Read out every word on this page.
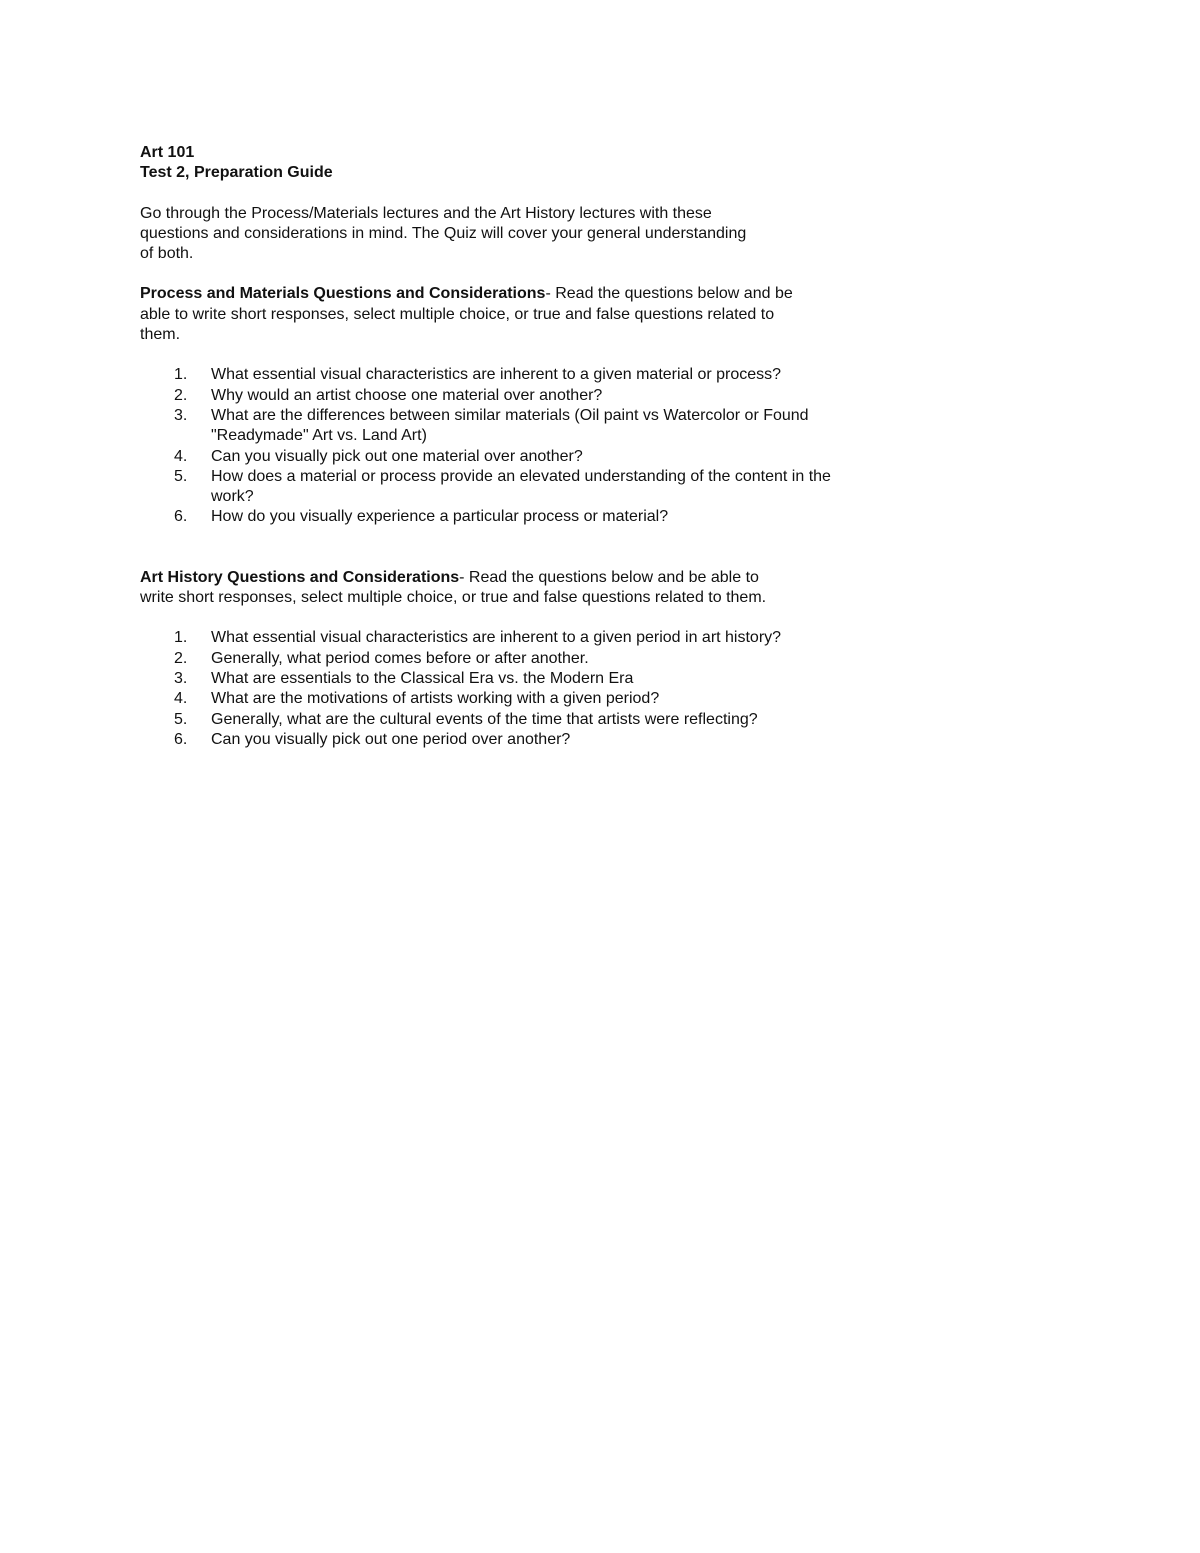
Art 101

Test 2, Preparation Guide

Go through the Process/Materials lectures and the Art History lectures with these
questions and considerations in mind. The Quiz will cover your general understanding
of both.
Process and Materials Questions and Considerations- Read the questions below and be
able to write short responses, select multiple choice, or true and false questions related to
them.
1.	What essential visual characteristics are inherent to a given material or process?
2.	Why would an artist choose one material over another?
3.	What are the differences between similar materials (Oil paint vs Watercolor or Found
"Readymade" Art vs. Land Art)
4.	Can you visually pick out one material over another?
5.	How does a material or process provide an elevated understanding of the content in the
work?
6.	How do you visually experience a particular process or material?
Art History Questions and Considerations- Read the questions below and be able to
write short responses, select multiple choice, or true and false questions related to them.
1.	What essential visual characteristics are inherent to a given period in art history?
2.	Generally, what period comes before or after another.
3.	What are essentials to the Classical Era vs. the Modern Era
4.	What are the motivations of artists working with a given period?
5.	Generally, what are the cultural events of the time that artists were reflecting?
6.	Can you visually pick out one period over another?
